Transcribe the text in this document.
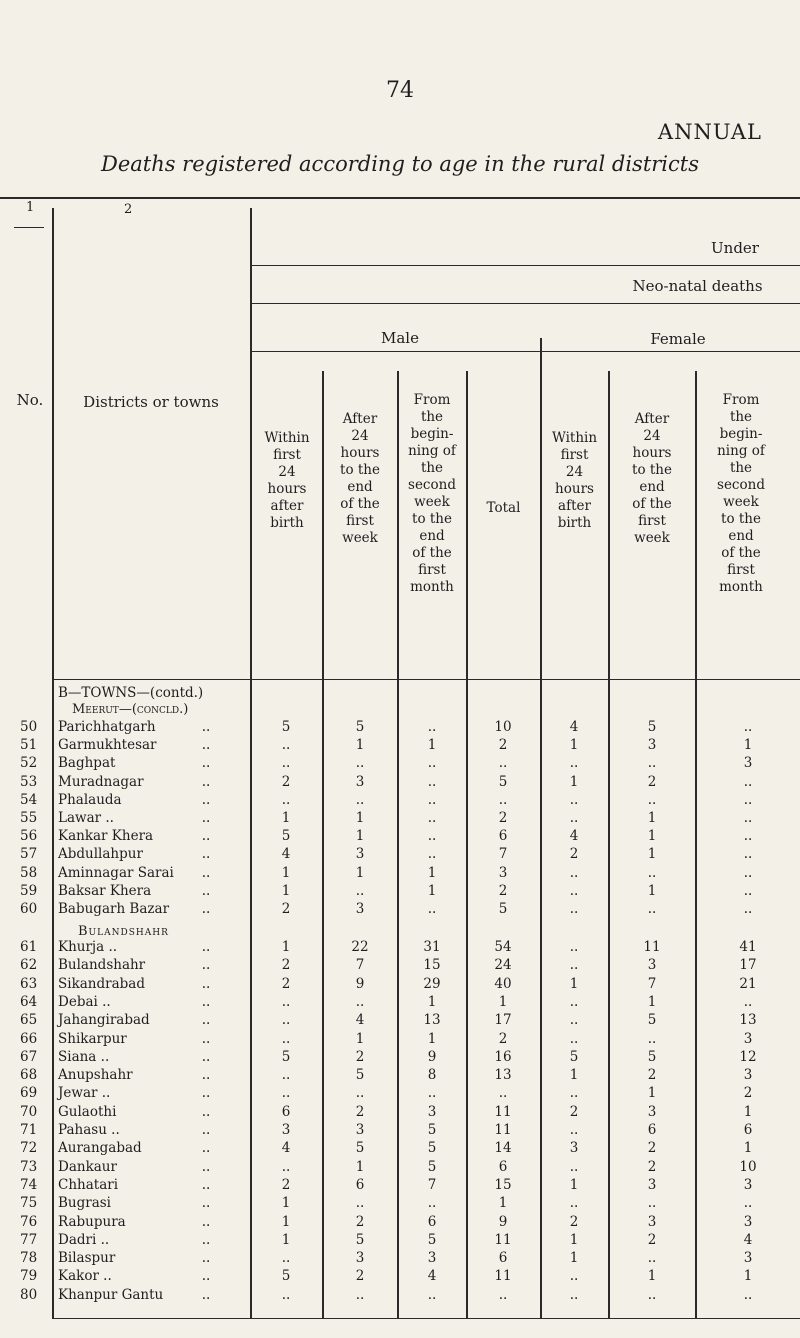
74
ANNUAL
Deaths registered according to age in the rural districts
1	2
No.	Districts or towns
Under
Neo-natal deaths
Male	Female
Within
first
24
hours
after
birth
After
24
hours
to the
end
of the
first
week
From
the
begin-
ning of
the
second
week
to the
end
of the
first
month
Total
Within
first
24
hours
after
birth
After
24
hours
to the
end
of the
first
week
From
the
begin-
ning of
the
second
week
to the
end
of the
first
month
B—TOWNS—(contd.)
Meerut—(concld.)
Bulandshahr
50	Parichhatgarh	..	5	5	..	10	4	5	..
51	Garmukhtesar	..	..	1	1	2	1	3	1
52	Baghpat	..	..	..	..	..	..	..	3
53	Muradnagar	..	2	3	..	5	1	2	..
54	Phalauda	..	..	..	..	..	..	..	..
55	Lawar ..	..	1	1	..	2	..	1	..
56	Kankar Khera	..	5	1	..	6	4	1	..
57	Abdullahpur	..	4	3	..	7	2	1	..
58	Aminnagar Sarai	..	1	1	1	3	..	..	..
59	Baksar Khera	..	1	..	1	2	..	1	..
60	Babugarh Bazar	..	2	3	..	5	..	..	..
61	Khurja ..	..	1	22	31	54	..	11	41
62	Bulandshahr	..	2	7	15	24	..	3	17
63	Sikandrabad	..	2	9	29	40	1	7	21
64	Debai ..	..	..	..	1	1	..	1	..
65	Jahangirabad	..	..	4	13	17	..	5	13
66	Shikarpur	..	..	1	1	2	..	..	3
67	Siana ..	..	5	2	9	16	5	5	12
68	Anupshahr	..	..	5	8	13	1	2	3
69	Jewar ..	..	..	..	..	..	..	1	2
70	Gulaothi	..	6	2	3	11	2	3	1
71	Pahasu ..	..	3	3	5	11	..	6	6
72	Aurangabad	..	4	5	5	14	3	2	1
73	Dankaur	..	..	1	5	6	..	2	10
74	Chhatari	..	2	6	7	15	1	3	3
75	Bugrasi	..	1	..	..	1	..	..	..
76	Rabupura	..	1	2	6	9	2	3	3
77	Dadri ..	..	1	5	5	11	1	2	4
78	Bilaspur	..	..	3	3	6	1	..	3
79	Kakor ..	..	5	2	4	11	..	1	1
80	Khanpur Gantu	..	..	..	..	..	..	..	..
